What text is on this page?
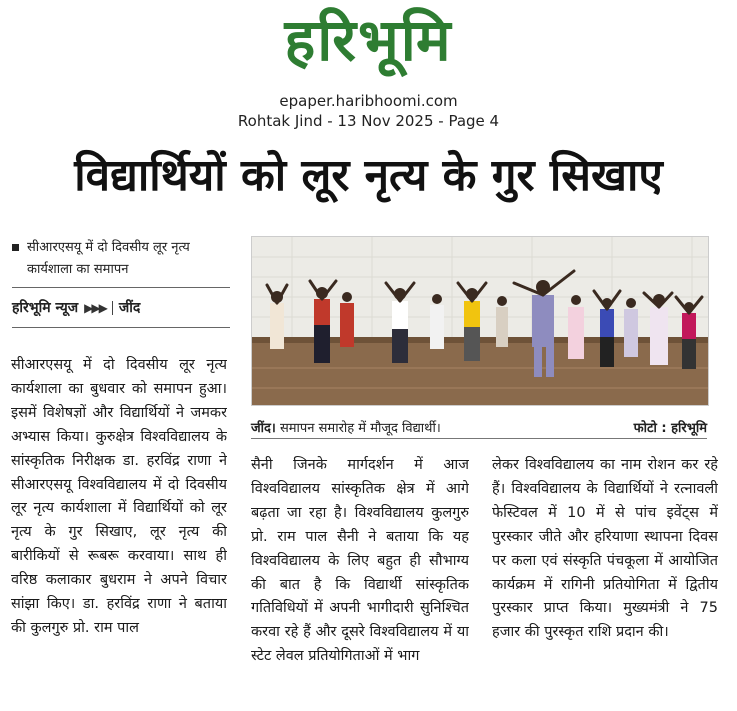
हरिभूमि
epaper.haribhoomi.com
Rohtak Jind - 13 Nov 2025 - Page 4
विद्यार्थियों को लूर नृत्य के गुर सिखाए
सीआरएसयू में दो दिवसीय लूर नृत्य कार्यशाला का समापन
हरिभूमि न्यूज ▶▶▶ जींद
सीआरएसयू में दो दिवसीय लूर नृत्य कार्यशाला का बुधवार को समापन हुआ। इसमें विशेषज्ञों और विद्यार्थियों ने जमकर अभ्यास किया। कुरुक्षेत्र विश्वविद्यालय के सांस्कृतिक निरीक्षक डा. हरविंद्र राणा ने सीआरएसयू विश्वविद्यालय में दो दिवसीय लूर नृत्य कार्यशाला में विद्यार्थियों को लूर नृत्य के गुर सिखाए, लूर नृत्य की बारीकियों से रूबरू करवाया। साथ ही वरिष्ठ कलाकार बुधराम ने अपने विचार सांझा किए। डा. हरविंद्र राणा ने बताया की कुलगुरु प्रो. राम पाल
जींद। समापन समारोह में मौजूद विद्यार्थी।	फोटो : हरिभूमि
सैनी जिनके मार्गदर्शन में आज विश्वविद्यालय सांस्कृतिक क्षेत्र में आगे बढ़ता जा रहा है। विश्वविद्यालय कुलगुरु प्रो. राम पाल सैनी ने बताया कि यह विश्वविद्यालय के लिए बहुत ही सौभाग्य की बात है कि विद्यार्थी सांस्कृतिक गतिविधियों में अपनी भागीदारी सुनिश्चित करवा रहे हैं और दूसरे विश्वविद्यालय में या स्टेट लेवल प्रतियोगिताओं में भाग
लेकर विश्वविद्यालय का नाम रोशन कर रहे हैं। विश्वविद्यालय के विद्यार्थियों ने रत्नावली फेस्टिवल में 10 में से पांच इवेंट्स में पुरस्कार जीते और हरियाणा स्थापना दिवस पर कला एवं संस्कृति पंचकूला में आयोजित कार्यक्रम में रागिनी प्रतियोगिता में द्वितीय पुरस्कार प्राप्त किया। मुख्यमंत्री ने 75 हजार की पुरस्कृत राशि प्रदान की।
